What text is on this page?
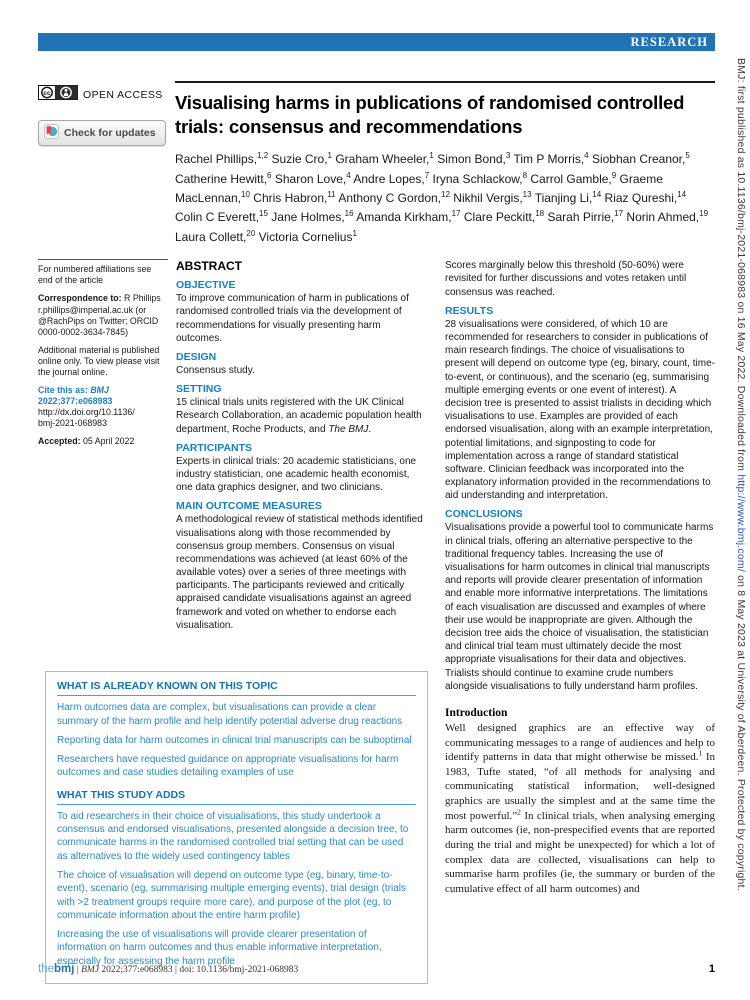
RESEARCH
cc	OPEN ACCESS
Check for updates
Visualising harms in publications of randomised controlled trials: consensus and recommendations
Rachel Phillips,$^{1,2}$ Suzie Cro,$^1$ Graham Wheeler,$^1$ Simon Bond,$^3$ Tim P Morris,$^4$ Siobhan Creanor,$^5$ Catherine Hewitt,$^6$ Sharon Love,$^4$ Andre Lopes,$^7$ Iryna Schlackow,$^8$ Carrol Gamble,$^9$ Graeme MacLennan,$^{10}$ Chris Habron,$^{11}$ Anthony C Gordon,$^{12}$ Nikhil Vergis,$^{13}$ Tianjing Li,$^{14}$ Riaz Qureshi,$^{14}$ Colin C Everett,$^{15}$ Jane Holmes,$^{16}$ Amanda Kirkham,$^{17}$ Clare Peckitt,$^{18}$ Sarah Pirrie,$^{17}$ Norin Ahmed,$^{19}$ Laura Collett,$^{20}$ Victoria Cornelius$^1$

For numbered affiliations see end of the article

Correspondence to: R Phillips r.phillips@imperial.ac.uk (or @RachPips on Twitter; ORCID 0000-0002-3634-7845)

Additional material is published online only. To view please visit the journal online.

Cite this as: BMJ 2022;377:e068983
http://dx.doi.org/10.1136/
bmj-2021-068983

Accepted: 05 April 2022

ABSTRACT
OBJECTIVE
To improve communication of harm in publications of randomised controlled trials via the development of recommendations for visually presenting harm outcomes.
DESIGN
Consensus study.
SETTING
15 clinical trials units registered with the UK Clinical Research Collaboration, an academic population health department, Roche Products, and The BMJ.
PARTICIPANTS
Experts in clinical trials: 20 academic statisticians, one industry statistician, one academic health economist, one data graphics designer, and two clinicians.
MAIN OUTCOME MEASURES
A methodological review of statistical methods identified visualisations along with those recommended by consensus group members. Consensus on visual recommendations was achieved (at least 60% of the available votes) over a series of three meetings with participants. The participants reviewed and critically appraised candidate visualisations against an agreed framework and voted on whether to endorse each visualisation.
WHAT IS ALREADY KNOWN ON THIS TOPIC
Harm outcomes data are complex, but visualisations can provide a clear summary of the harm profile and help identify potential adverse drug reactions
Reporting data for harm outcomes in clinical trial manuscripts can be suboptimal
Researchers have requested guidance on appropriate visualisations for harm outcomes and case studies detailing examples of use
WHAT THIS STUDY ADDS
To aid researchers in their choice of visualisations, this study undertook a consensus and endorsed visualisations, presented alongside a decision tree, to communicate harms in the randomised controlled trial setting that can be used as alternatives to the widely used contingency tables
The choice of visualisation will depend on outcome type (eg, binary, time-to-event), scenario (eg, summarising multiple emerging events), trial design (trials with >2 treatment groups require more care), and purpose of the plot (eg, to communicate information about the entire harm profile)
Increasing the use of visualisations will provide clearer presentation of information on harm outcomes and thus enable informative interpretation, especially for assessing the harm profile
Scores marginally below this threshold (50-60%) were revisited for further discussions and votes retaken until consensus was reached.
RESULTS
28 visualisations were considered, of which 10 are recommended for researchers to consider in publications of main research findings. The choice of visualisations to present will depend on outcome type (eg, binary, count, time-to-event, or continuous), and the scenario (eg, summarising multiple emerging events or one event of interest). A decision tree is presented to assist trialists in deciding which visualisations to use. Examples are provided of each endorsed visualisation, along with an example interpretation, potential limitations, and signposting to code for implementation across a range of standard statistical software. Clinician feedback was incorporated into the explanatory information provided in the recommendations to aid understanding and interpretation.
CONCLUSIONS
Visualisations provide a powerful tool to communicate harms in clinical trials, offering an alternative perspective to the traditional frequency tables. Increasing the use of visualisations for harm outcomes in clinical trial manuscripts and reports will provide clearer presentation of information and enable more informative interpretations. The limitations of each visualisation are discussed and examples of where their use would be inappropriate are given. Although the decision tree aids the choice of visualisation, the statistician and clinical trial team must ultimately decide the most appropriate visualisations for their data and objectives. Trialists should continue to examine crude numbers alongside visualisations to fully understand harm profiles.
Introduction
Well designed graphics are an effective way of communicating messages to a range of audiences and help to identify patterns in data that might otherwise be missed.$^1$ In 1983, Tufte stated, “of all methods for analysing and communicating statistical information, well-designed graphics are usually the simplest and at the same time the most powerful.”$^2$ In clinical trials, when analysing emerging harm outcomes (ie, non-prespecified events that are reported during the trial and might be unexpected) for which a lot of complex data are collected, visualisations can help to summarise harm profiles (ie, the summary or burden of the cumulative effect of all harm outcomes) and
thebmj | BMJ 2022;377:e068983 | doi: 10.1136/bmj-2021-068983	1
BMJ: first published as 10.1136/bmj-2021-068983 on 16 May 2022. Downloaded from http://www.bmj.com/ on 8 May 2023 at University of Aberdeen. Protected by copyright.
